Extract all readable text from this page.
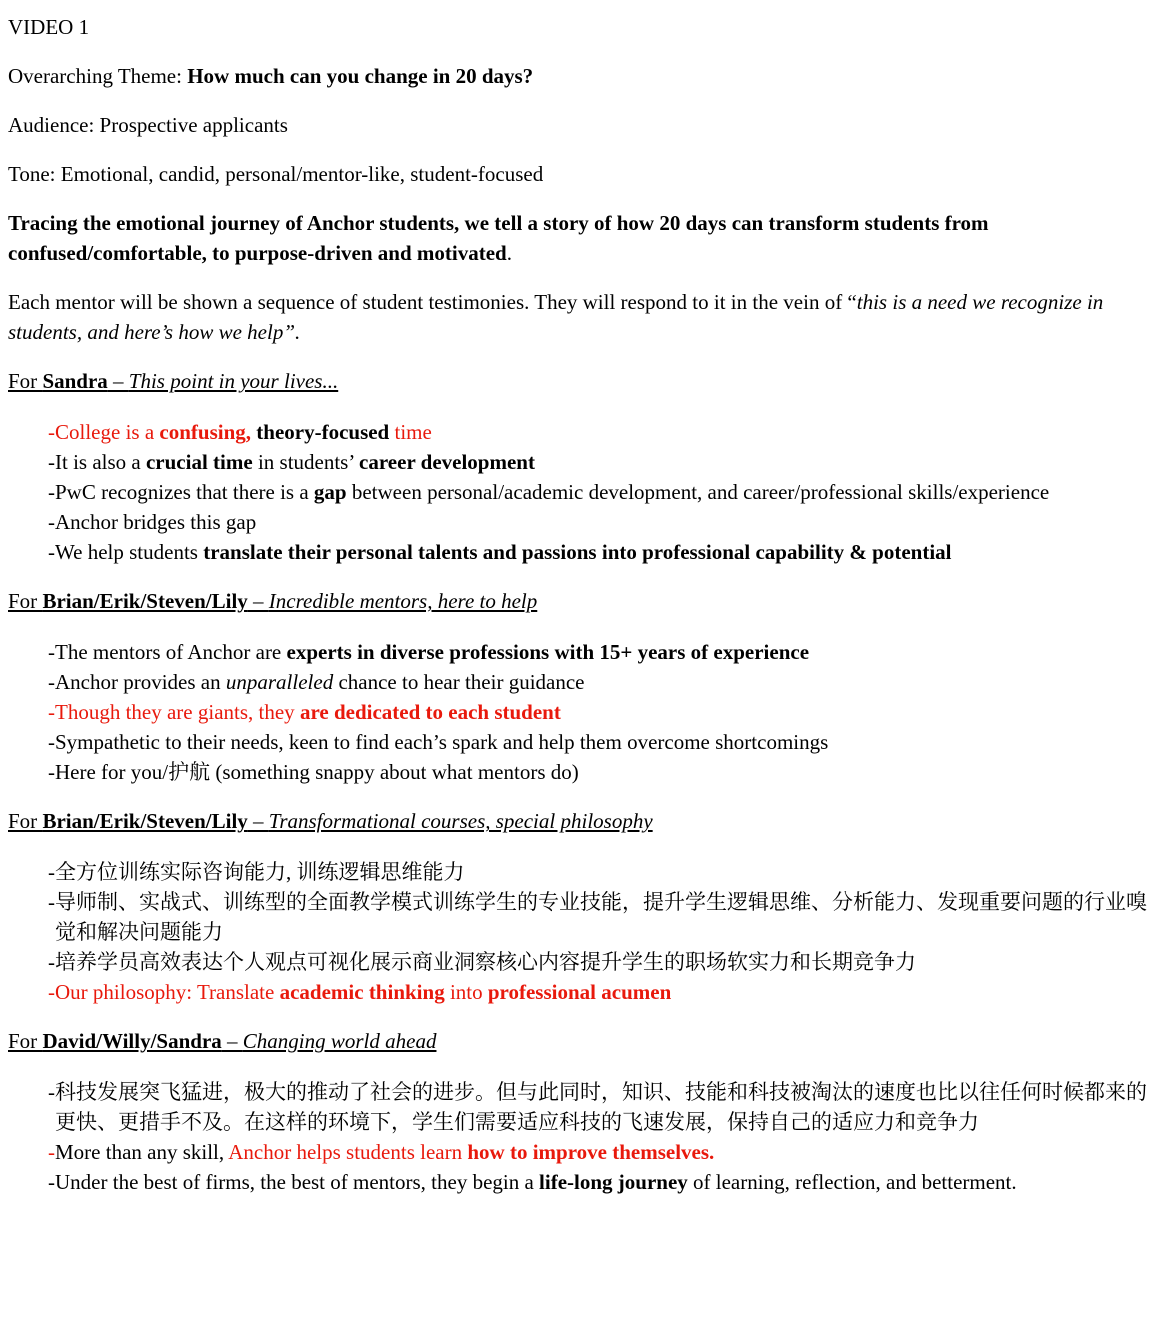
VIDEO 1

Overarching Theme: How much can you change in 20 days?

Audience: Prospective applicants

Tone: Emotional, candid, personal/mentor-like, student-focused

Tracing the emotional journey of Anchor students, we tell a story of how 20 days can transform students from confused/comfortable, to purpose-driven and motivated.

Each mentor will be shown a sequence of student testimonies. They will respond to it in the vein of “this is a need we recognize in students, and here’s how we help”.

For Sandra – This point in your lives...

- College is a confusing, theory-focused time
- It is also a crucial time in students’ career development
- PwC recognizes that there is a gap between personal/academic development, and career/professional skills/experience
- Anchor bridges this gap
- We help students translate their personal talents and passions into professional capability & potential

For Brian/Erik/Steven/Lily – Incredible mentors, here to help

- The mentors of Anchor are experts in diverse professions with 15+ years of experience
- Anchor provides an unparalleled chance to hear their guidance
- Though they are giants, they are dedicated to each student
- Sympathetic to their needs, keen to find each’s spark and help them overcome shortcomings
- Here for you/护航 (something snappy about what mentors do)

For Brian/Erik/Steven/Lily – Transformational courses, special philosophy

- 全方位训练实际咨询能力, 训练逻辑思维能力
- 导师制、实战式、训练型的全面教学模式训练学生的专业技能，提升学生逻辑思维、分析能力、发现重要问题的行业嗅觉和解决问题能力
- 培养学员高效表达个人观点可视化展示商业洞察核心内容提升学生的职场软实力和长期竞争力
- Our philosophy: Translate academic thinking into professional acumen

For David/Willy/Sandra – Changing world ahead

- 科技发展突飞猛进，极大的推动了社会的进步。但与此同时，知识、技能和科技被淘汰的速度也比以往任何时候都来的更快、更措手不及。在这样的环境下，学生们需要适应科技的飞速发展，保持自己的适应力和竞争力
- More than any skill, Anchor helps students learn how to improve themselves.
- Under the best of firms, the best of mentors, they begin a life-long journey of learning, reflection, and betterment.
